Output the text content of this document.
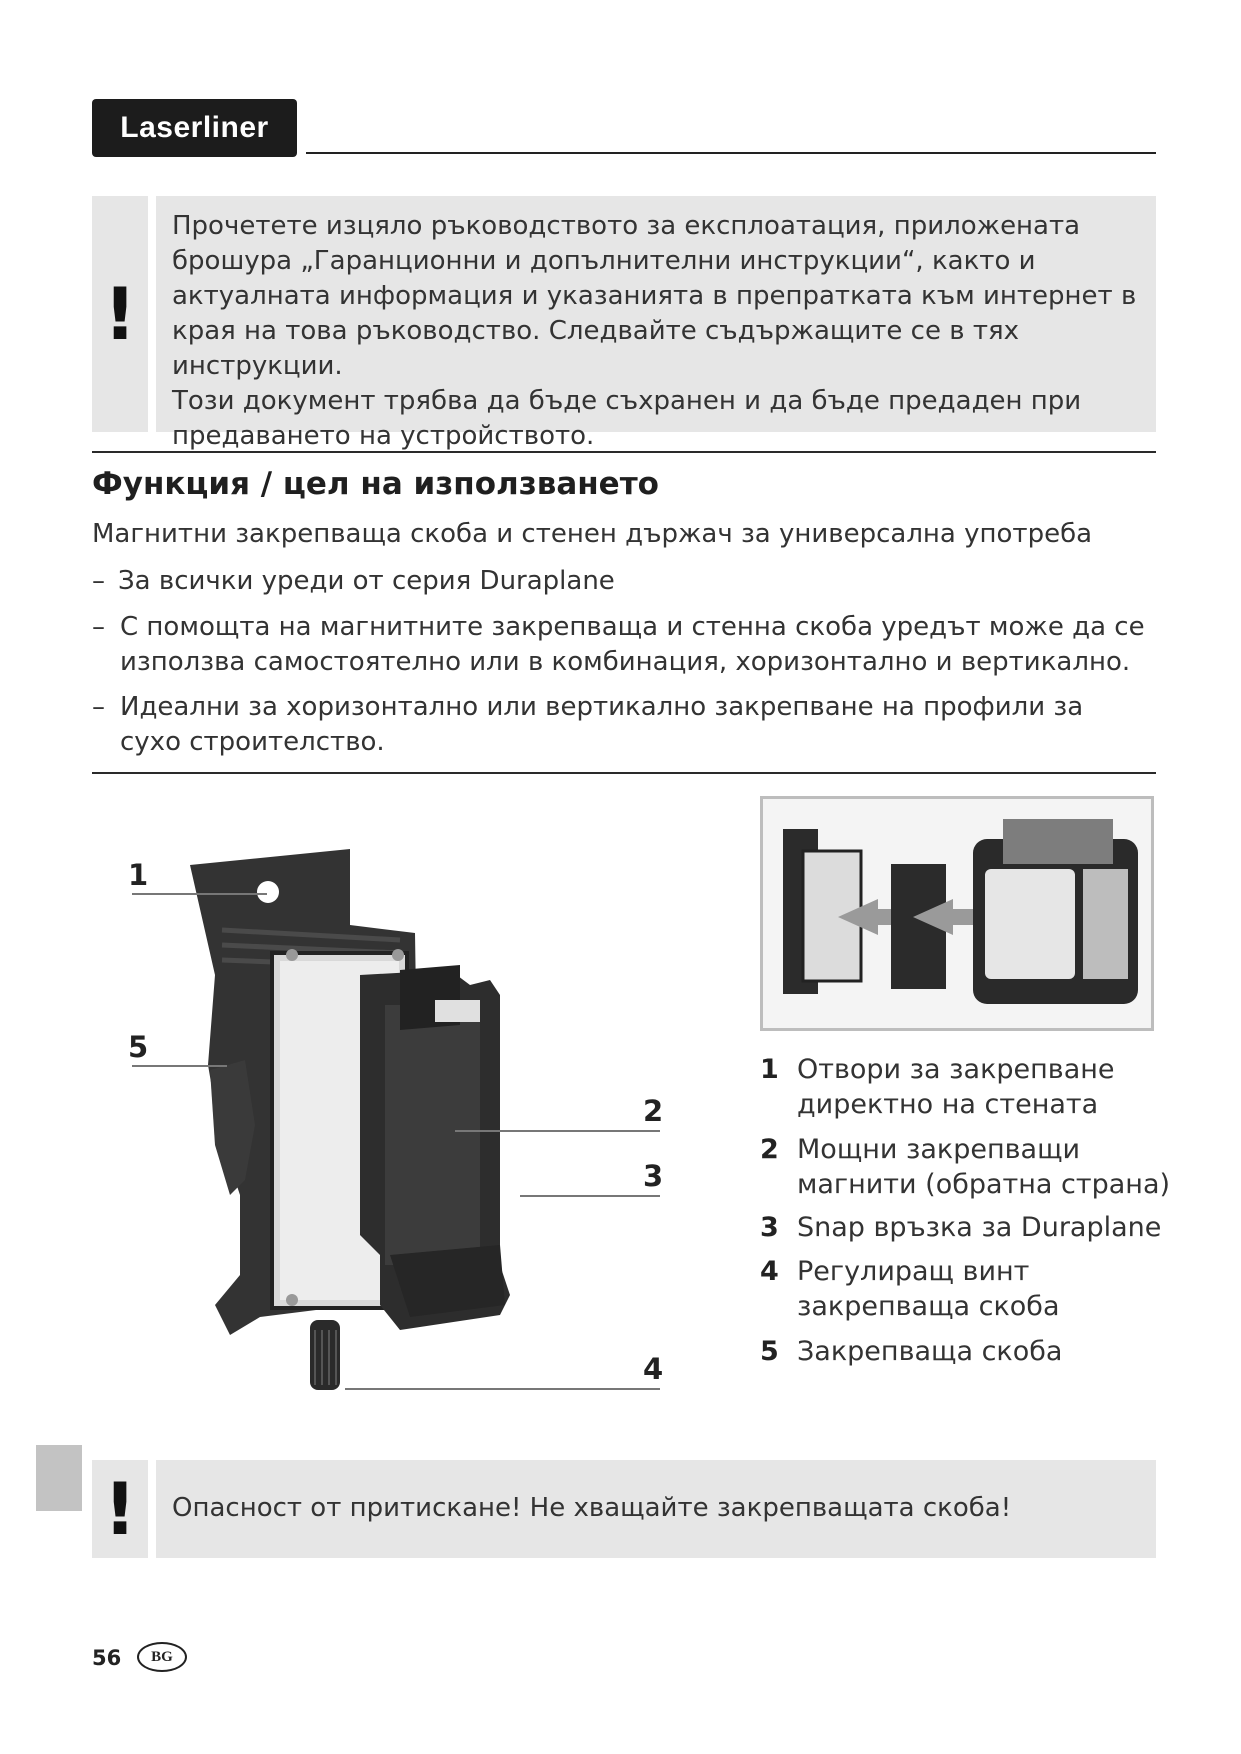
Laserliner
!
Прочетете изцяло ръководството за експлоатация, приложената
брошура „Гаранционни и допълнителни инструкции“, както и
актуалната информация и указанията в препратката към интернет в
края на това ръководство. Следвайте съдържащите се в тях инструкции.
Този документ трябва да бъде съхранен и да бъде предаден при
предаването на устройството.
Функция / цел на използването
Магнитни закрепваща скоба и стенен държач за универсална употреба
– За всички уреди от серия Duraplane
– С помощта на магнитните закрепваща и стенна скоба уредът може да се
използва самостоятелно или в комбинация, хоризонтално и вертикално.
– Идеални за хоризонтално или вертикално закрепване на профили за
сухо строителство.
1
5
2
3
4
1 Отвори за закрепване
директно на стената
2 Мощни закрепващи
магнити (обратна страна)
3 Snap връзка за Duraplane
4 Регулиращ винт
закрепваща скоба
5 Закрепваща скоба
!	Опасност от притискане! Не хващайте закрепващата скоба!
56	BG
